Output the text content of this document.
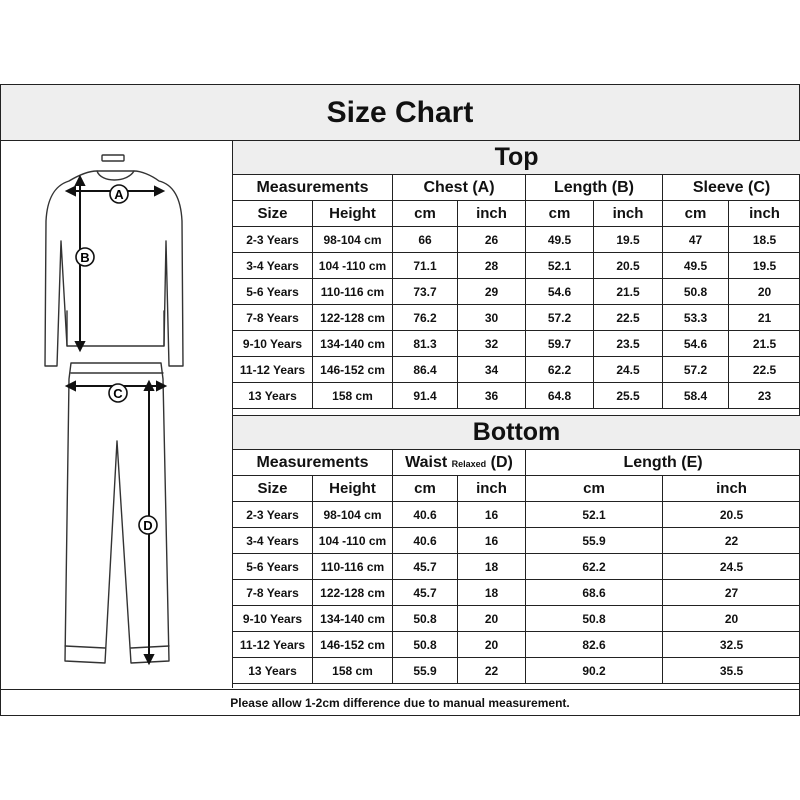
Size Chart
A
B
C
D
Top							
Measurements		Chest (A)		Length (B)		Sleeve (C)	
Size	Height	cm	inch	cm	inch	cm	inch
2-3 Years	98-104 cm	66	26	49.5	19.5	47	18.5
3-4 Years	104 -110 cm	71.1	28	52.1	20.5	49.5	19.5
5-6 Years	110-116 cm	73.7	29	54.6	21.5	50.8	20
7-8 Years	122-128 cm	76.2	30	57.2	22.5	53.3	21
9-10 Years	134-140 cm	81.3	32	59.7	23.5	54.6	21.5
11-12 Years	146-152 cm	86.4	34	62.2	24.5	57.2	22.5
13 Years	158 cm	91.4	36	64.8	25.5	58.4	23
Bottom					
Measurements		Waist Relaxed (D)		Length (E)	
Size	Height	cm	inch	cm	inch
2-3 Years	98-104 cm	40.6	16	52.1	20.5
3-4 Years	104 -110 cm	40.6	16	55.9	22
5-6 Years	110-116 cm	45.7	18	62.2	24.5
7-8 Years	122-128 cm	45.7	18	68.6	27
9-10 Years	134-140 cm	50.8	20	50.8	20
11-12 Years	146-152 cm	50.8	20	82.6	32.5
13 Years	158 cm	55.9	22	90.2	35.5
Please allow 1-2cm difference due to manual measurement.
